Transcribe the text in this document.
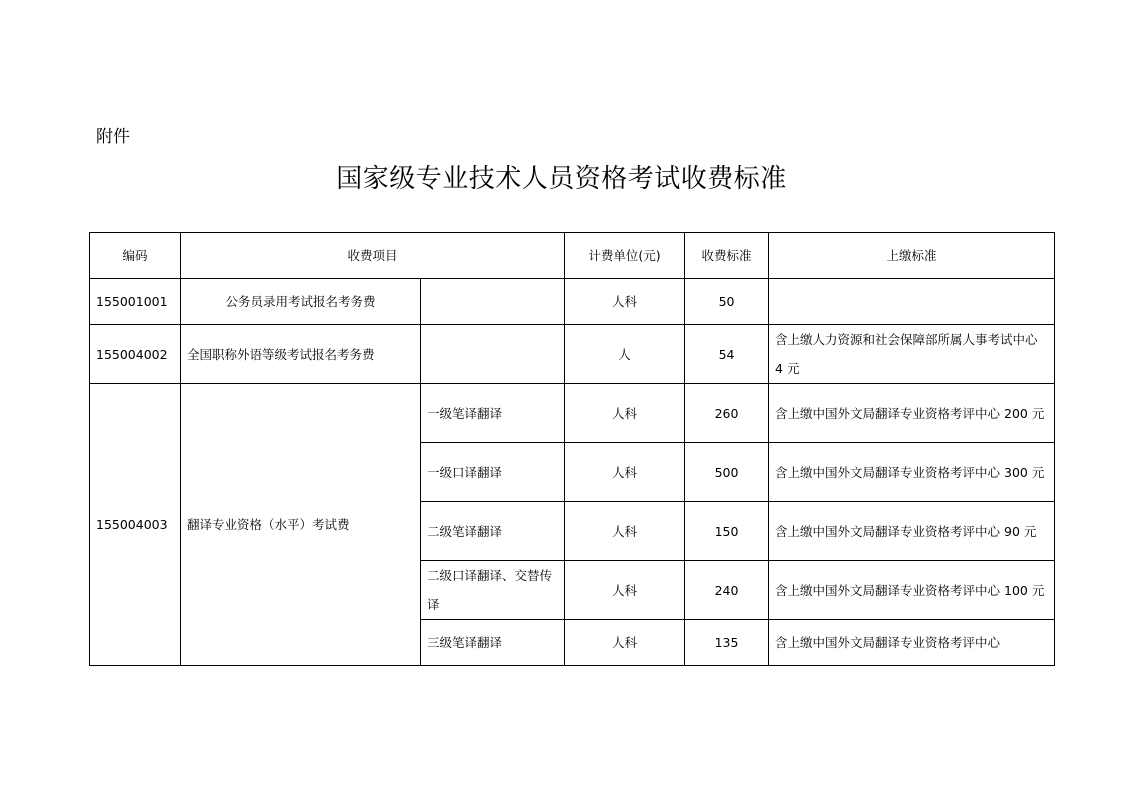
附件
国家级专业技术人员资格考试收费标准
编码	收费项目		计费单位(元)	收费标准	上缴标准
155001001	公务员录用考试报名考务费		人科	50	
155004002	全国职称外语等级考试报名考务费		人	54	含上缴人力资源和社会保障部所属人事考试中心 4 元
155004003	翻译专业资格（水平）考试费	一级笔译翻译	人科	260	含上缴中国外文局翻译专业资格考评中心 200 元
		一级口译翻译	人科	500	含上缴中国外文局翻译专业资格考评中心 300 元
		二级笔译翻译	人科	150	含上缴中国外文局翻译专业资格考评中心 90 元
		二级口译翻译、交替传译	人科	240	含上缴中国外文局翻译专业资格考评中心 100 元
		三级笔译翻译	人科	135	含上缴中国外文局翻译专业资格考评中心
